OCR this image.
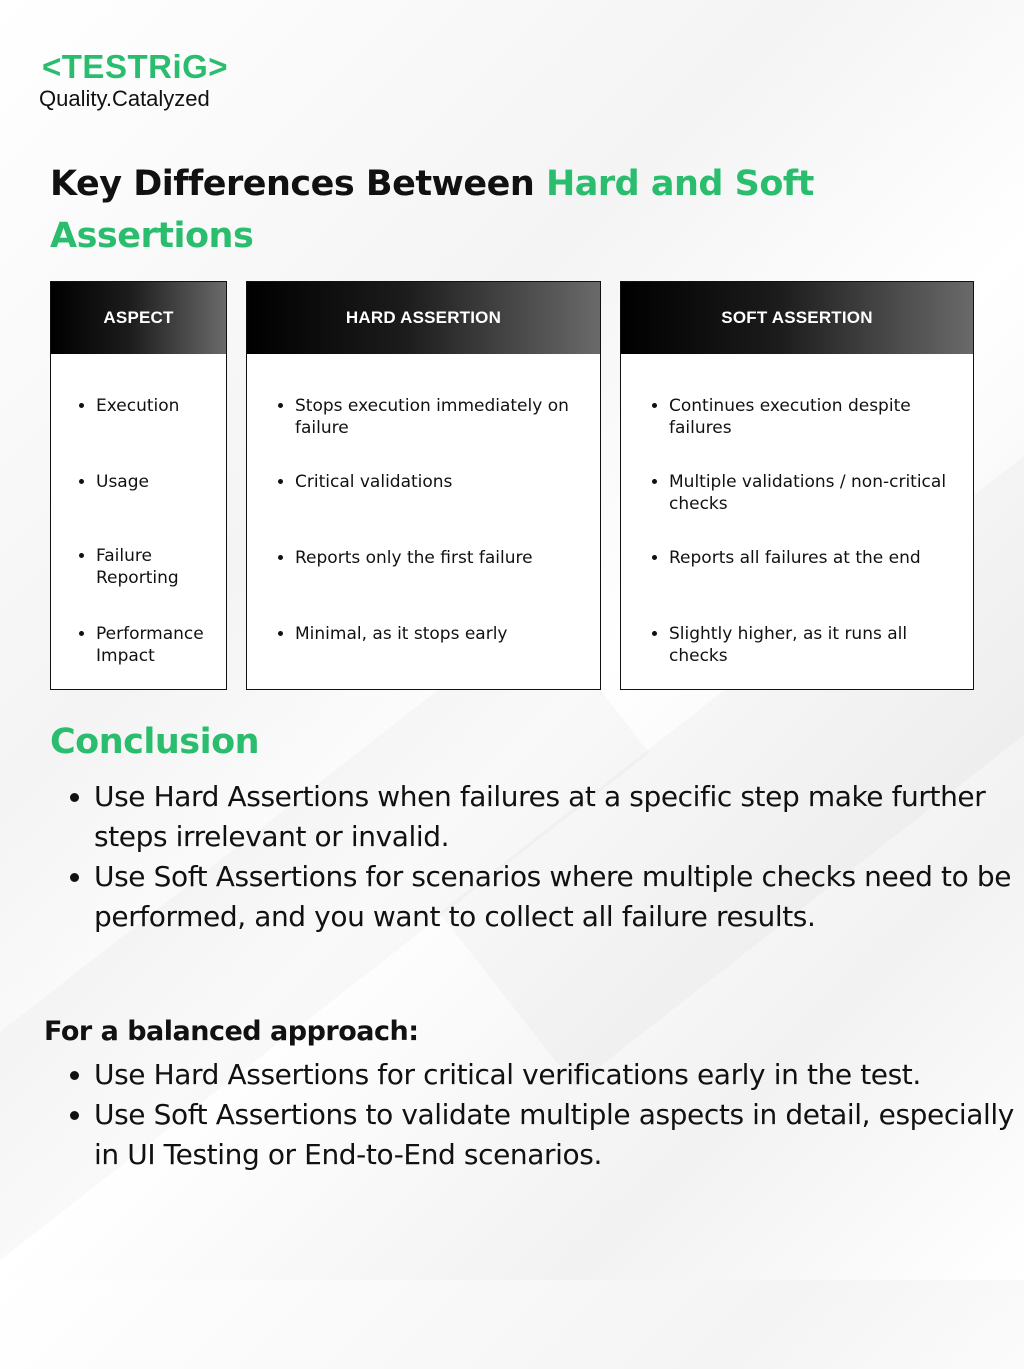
<TESTRiG>
Quality.Catalyzed
Key Differences Between Hard and Soft Assertions
ASPECT
• Execution
• Usage
• Failure Reporting
• Performance Impact
HARD ASSERTION
• Stops execution immediately on failure
• Critical validations
• Reports only the first failure
• Minimal, as it stops early
SOFT ASSERTION
• Continues execution despite failures
• Multiple validations / non-critical checks
• Reports all failures at the end
• Slightly higher, as it runs all checks
Conclusion
• Use Hard Assertions when failures at a specific step make further steps irrelevant or invalid.
• Use Soft Assertions for scenarios where multiple checks need to be performed, and you want to collect all failure results.
For a balanced approach:
• Use Hard Assertions for critical verifications early in the test.
• Use Soft Assertions to validate multiple aspects in detail, especially in UI Testing or End-to-End scenarios.
